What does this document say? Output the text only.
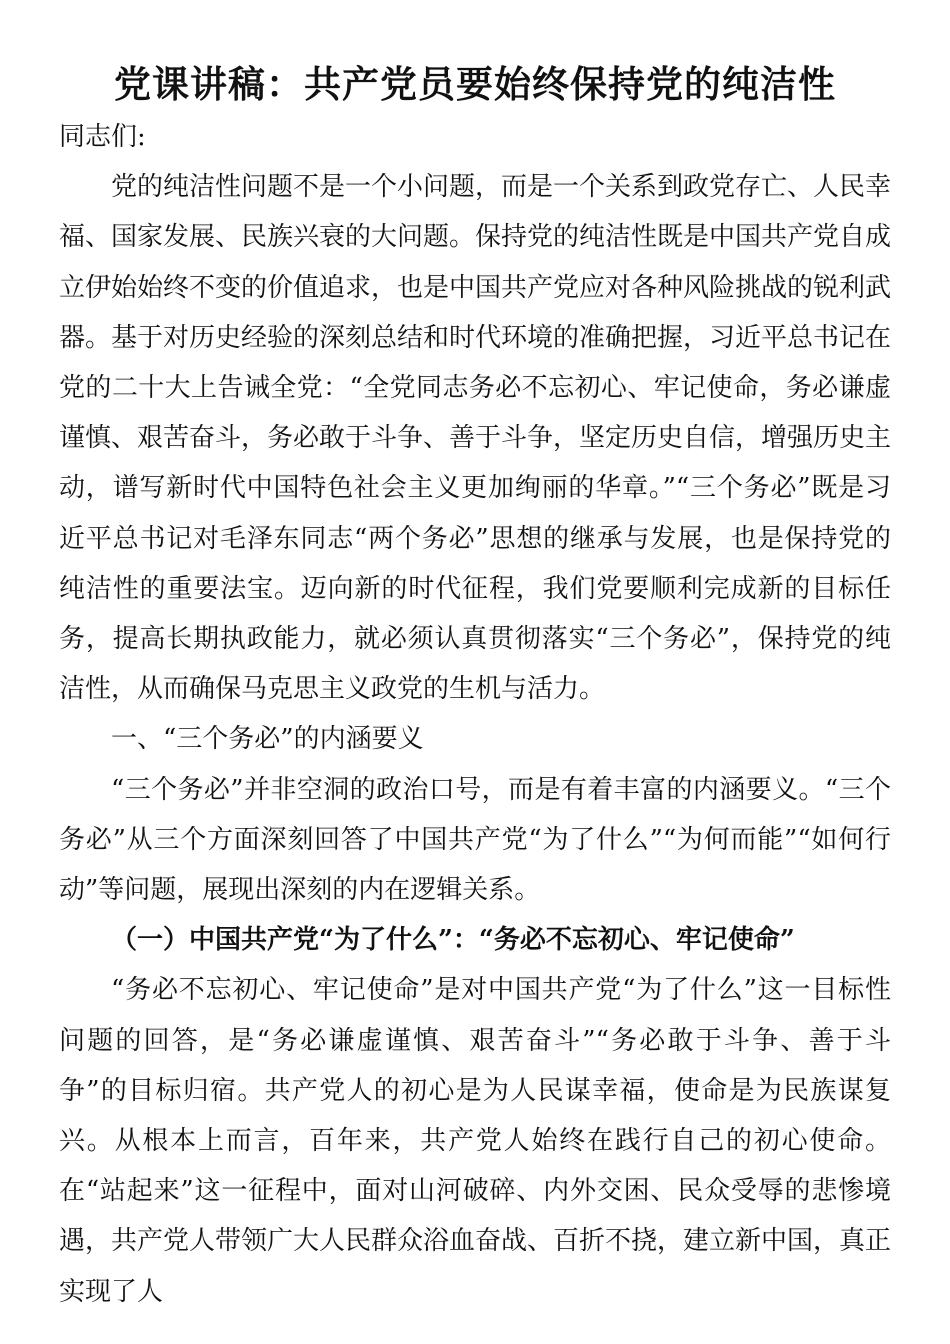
党课讲稿：共产党员要始终保持党的纯洁性

同志们:

党的纯洁性问题不是一个小问题，而是一个关系到政党存亡、人民幸福、国家发展、民族兴衰的大问题。保持党的纯洁性既是中国共产党自成立伊始始终不变的价值追求，也是中国共产党应对各种风险挑战的锐利武器。基于对历史经验的深刻总结和时代环境的准确把握，习近平总书记在党的二十大上告诫全党：“全党同志务必不忘初心、牢记使命，务必谦虚谨慎、艰苦奋斗，务必敢于斗争、善于斗争，坚定历史自信，增强历史主动，谱写新时代中国特色社会主义更加绚丽的华章。”“三个务必”既是习近平总书记对毛泽东同志“两个务必”思想的继承与发展，也是保持党的纯洁性的重要法宝。迈向新的时代征程，我们党要顺利完成新的目标任务，提高长期执政能力，就必须认真贯彻落实“三个务必”，保持党的纯洁性，从而确保马克思主义政党的生机与活力。

一、“三个务必”的内涵要义

“三个务必”并非空洞的政治口号，而是有着丰富的内涵要义。“三个务必”从三个方面深刻回答了中国共产党“为了什么”“为何而能”“如何行动”等问题，展现出深刻的内在逻辑关系。

（一）中国共产党“为了什么”：“务必不忘初心、牢记使命”

“务必不忘初心、牢记使命”是对中国共产党“为了什么”这一目标性问题的回答，是“务必谦虚谨慎、艰苦奋斗”“务必敢于斗争、善于斗争”的目标归宿。共产党人的初心是为人民谋幸福，使命是为民族谋复兴。从根本上而言，百年来，共产党人始终在践行自己的初心使命。在“站起来”这一征程中，面对山河破碎、内外交困、民众受辱的悲惨境遇，共产党人带领广大人民群众浴血奋战、百折不挠，建立新中国，真正实现了人
